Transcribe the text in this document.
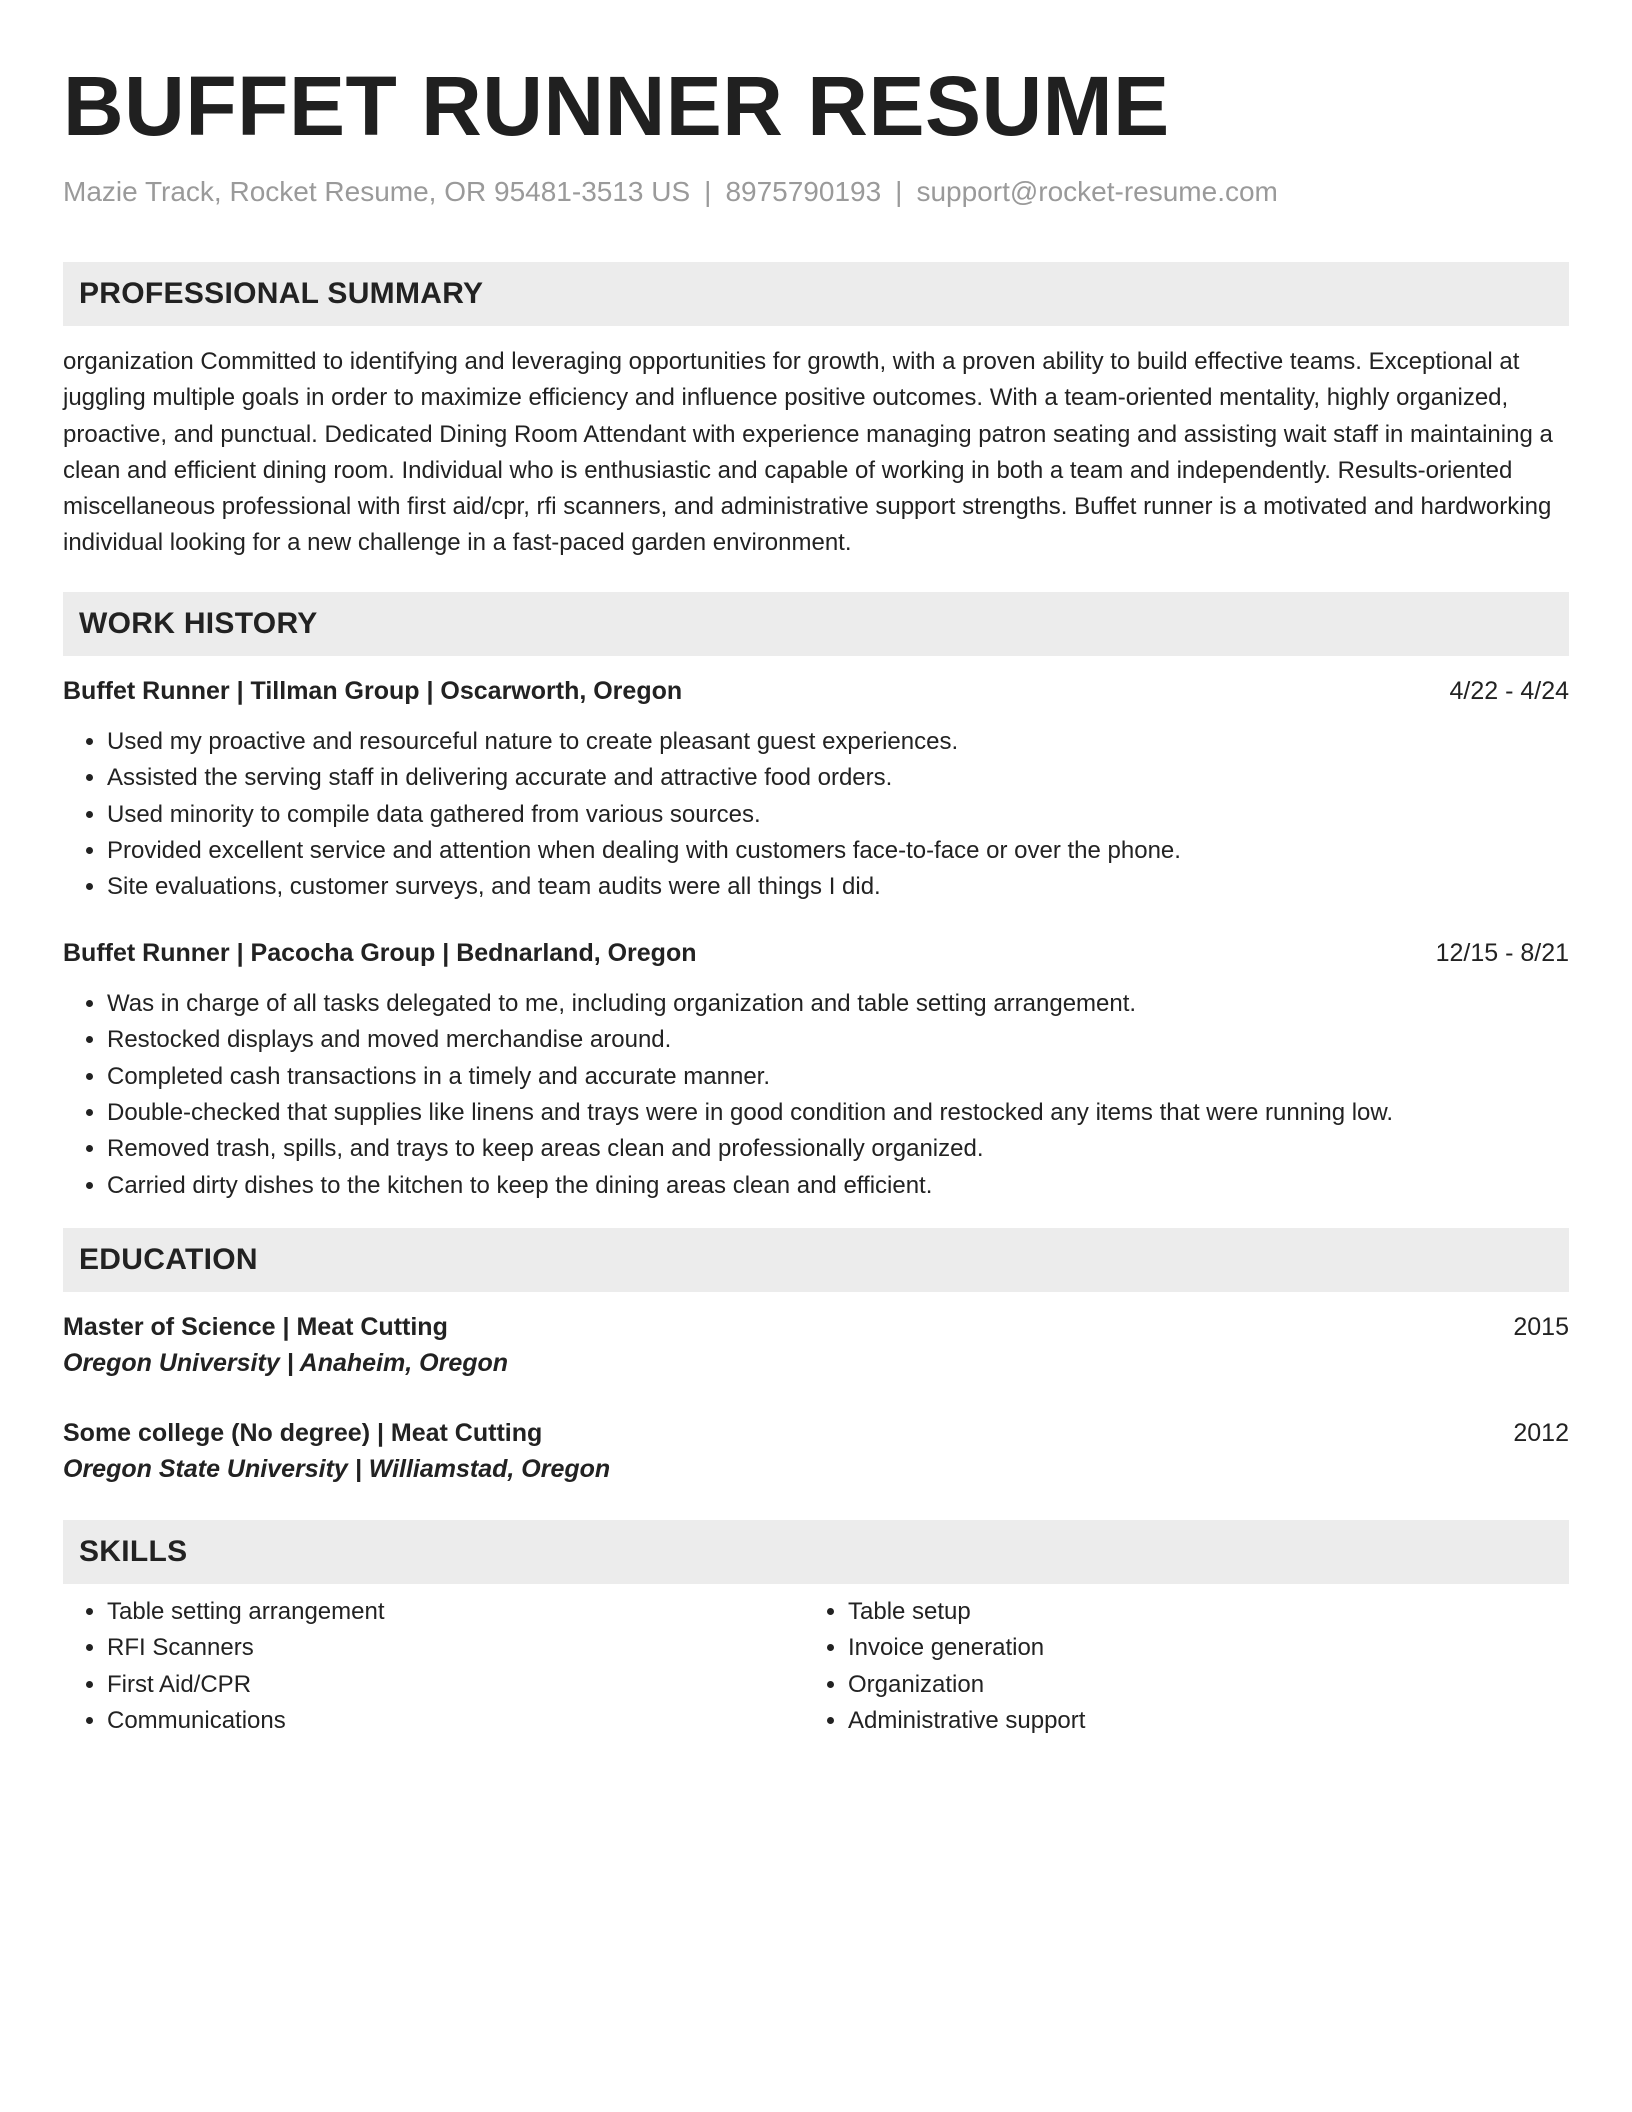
BUFFET RUNNER RESUME
Mazie Track, Rocket Resume, OR 95481-3513 US | 8975790193 | support@rocket-resume.com
PROFESSIONAL SUMMARY
organization Committed to identifying and leveraging opportunities for growth, with a proven ability to build effective teams. Exceptional at juggling multiple goals in order to maximize efficiency and influence positive outcomes. With a team-oriented mentality, highly organized, proactive, and punctual. Dedicated Dining Room Attendant with experience managing patron seating and assisting wait staff in maintaining a clean and efficient dining room. Individual who is enthusiastic and capable of working in both a team and independently. Results-oriented miscellaneous professional with first aid/cpr, rfi scanners, and administrative support strengths. Buffet runner is a motivated and hardworking individual looking for a new challenge in a fast-paced garden environment.
WORK HISTORY
Buffet Runner | Tillman Group | Oscarworth, Oregon	4/22 - 4/24
• Used my proactive and resourceful nature to create pleasant guest experiences.
• Assisted the serving staff in delivering accurate and attractive food orders.
• Used minority to compile data gathered from various sources.
• Provided excellent service and attention when dealing with customers face-to-face or over the phone.
• Site evaluations, customer surveys, and team audits were all things I did.
Buffet Runner | Pacocha Group | Bednarland, Oregon	12/15 - 8/21
• Was in charge of all tasks delegated to me, including organization and table setting arrangement.
• Restocked displays and moved merchandise around.
• Completed cash transactions in a timely and accurate manner.
• Double-checked that supplies like linens and trays were in good condition and restocked any items that were running low.
• Removed trash, spills, and trays to keep areas clean and professionally organized.
• Carried dirty dishes to the kitchen to keep the dining areas clean and efficient.
EDUCATION
Master of Science | Meat Cutting	2015
Oregon University | Anaheim, Oregon
Some college (No degree) | Meat Cutting	2012
Oregon State University | Williamstad, Oregon
SKILLS
• Table setting arrangement
• RFI Scanners
• First Aid/CPR
• Communications
• Table setup
• Invoice generation
• Organization
• Administrative support
